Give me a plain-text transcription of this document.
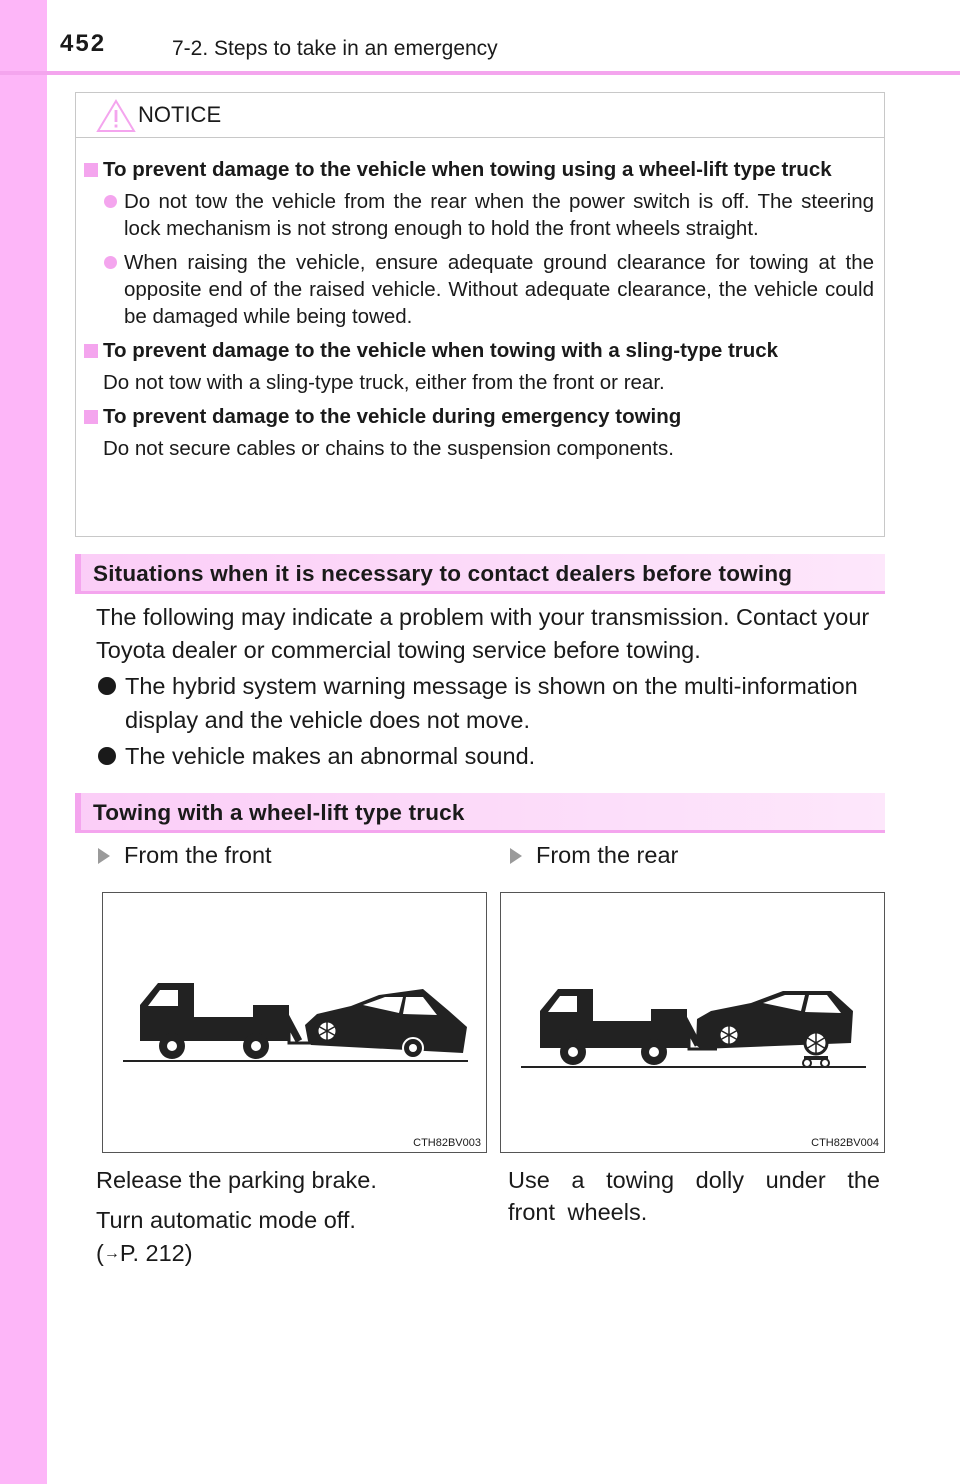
452	7-2. Steps to take in an emergency
NOTICE
To prevent damage to the vehicle when towing using a wheel-lift type truck
Do not tow the vehicle from the rear when the power switch is off. The steering lock mechanism is not strong enough to hold the front wheels straight.
When raising the vehicle, ensure adequate ground clearance for towing at the opposite end of the raised vehicle. Without adequate clearance, the vehicle could be damaged while being towed.
To prevent damage to the vehicle when towing with a sling-type truck
Do not tow with a sling-type truck, either from the front or rear.
To prevent damage to the vehicle during emergency towing
Do not secure cables or chains to the suspension components.
Situations when it is necessary to contact dealers before towing
The following may indicate a problem with your transmission. Contact your Toyota dealer or commercial towing service before towing.
The hybrid system warning message is shown on the multi-information display and the vehicle does not move.
The vehicle makes an abnormal sound.
Towing with a wheel-lift type truck
From the front	From the rear
CTH82BV003	CTH82BV004
Release the parking brake.
Turn automatic mode off.
(→P. 212)
Use a towing dolly under the front wheels.
